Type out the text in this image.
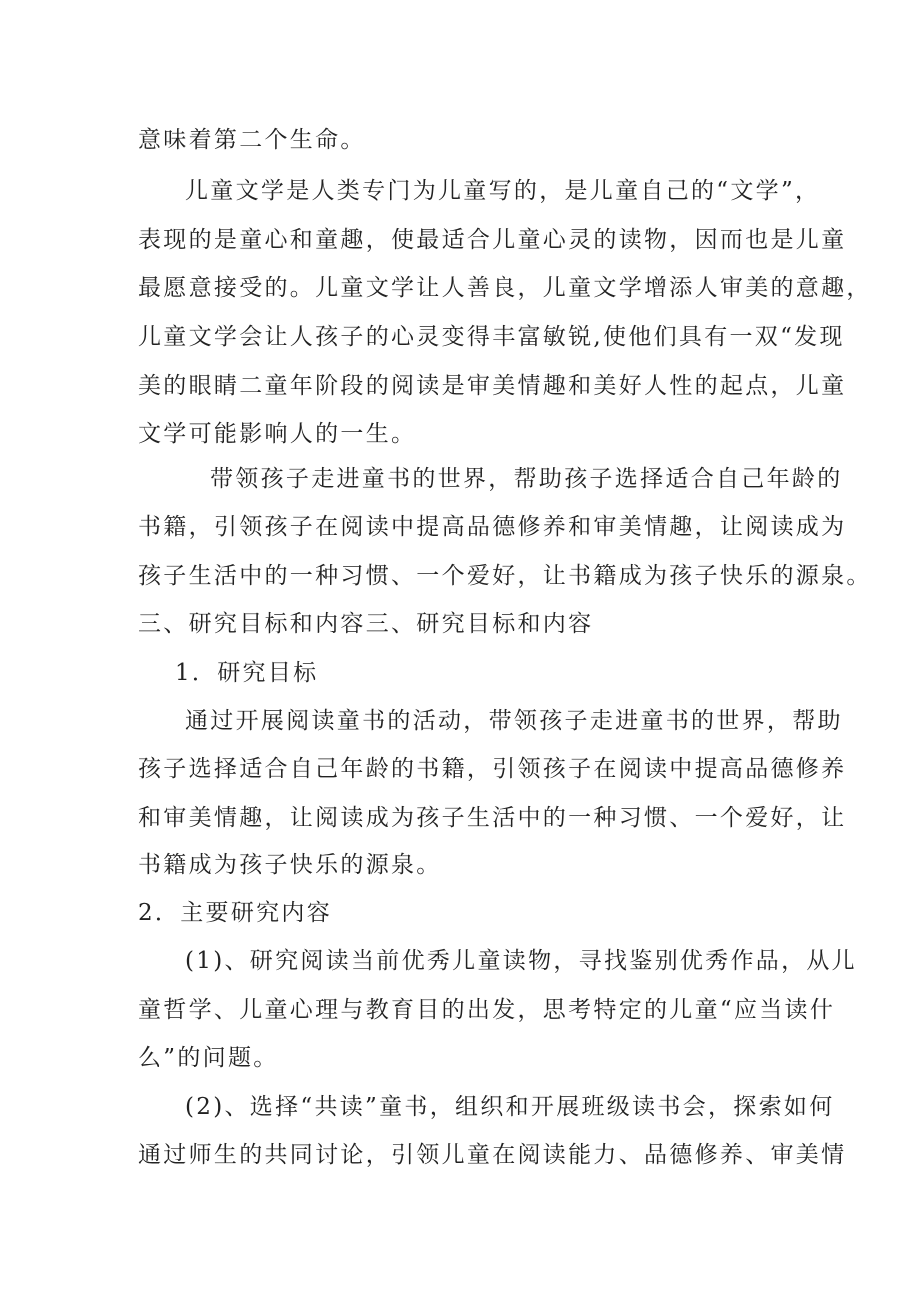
意味着第二个生命。
儿童文学是人类专门为儿童写的，是儿童自己的“文学”，
表现的是童心和童趣，使最适合儿童心灵的读物，因而也是儿童
最愿意接受的。儿童文学让人善良，儿童文学增添人审美的意趣，
儿童文学会让人孩子的心灵变得丰富敏锐,使他们具有一双“发现
美的眼睛二童年阶段的阅读是审美情趣和美好人性的起点，儿童
文学可能影响人的一生。
带领孩子走进童书的世界，帮助孩子选择适合自己年龄的
书籍，引领孩子在阅读中提高品德修养和审美情趣，让阅读成为
孩子生活中的一种习惯、一个爱好，让书籍成为孩子快乐的源泉。
三、研究目标和内容三、研究目标和内容
1．研究目标
通过开展阅读童书的活动，带领孩子走进童书的世界，帮助
孩子选择适合自己年龄的书籍，引领孩子在阅读中提高品德修养
和审美情趣，让阅读成为孩子生活中的一种习惯、一个爱好，让
书籍成为孩子快乐的源泉。
2．主要研究内容
(1)、研究阅读当前优秀儿童读物，寻找鉴别优秀作品，从儿
童哲学、儿童心理与教育目的出发，思考特定的儿童“应当读什
么”的问题。
(2)、选择“共读”童书，组织和开展班级读书会，探索如何
通过师生的共同讨论，引领儿童在阅读能力、品德修养、审美情
